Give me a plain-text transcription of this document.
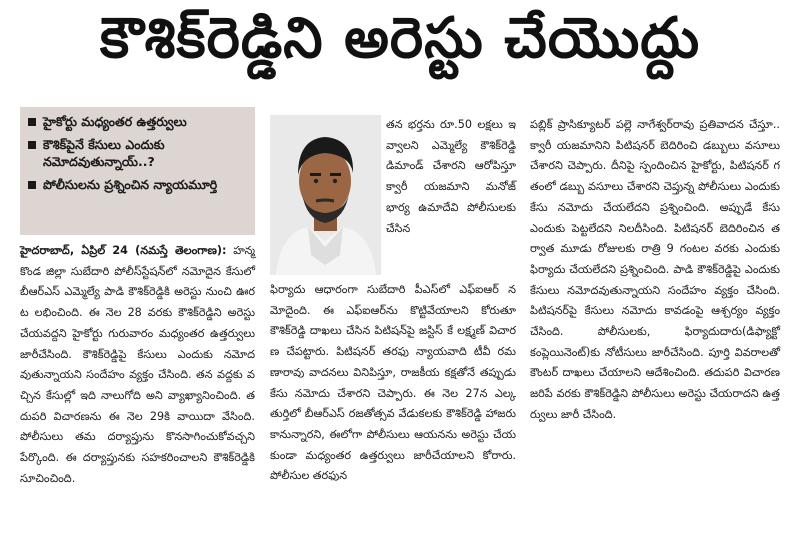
కౌశిక్‌రెడ్డిని అరెస్టు చేయొద్దు
హైకోర్టు మధ్యంతర ఉత్తర్వులు
కౌశిక్‌పైనే కేసులు ఎందుకు నమోదవుతున్నాయ్‌..?
పోలీసులను ప్రశ్నించిన న్యాయమూర్తి
హైదరాబాద్‌, ఏప్రిల్‌ 24 (నమస్తే తెలంగాణ): హన్మకొండ జిల్లా సుబేదారి పోలీస్‌స్టేషన్‌లో నమోదైన కేసులో బీఆర్‌ఎస్‌ ఎమ్మెల్యే పాడి కౌశిక్‌రెడ్డికి అరెస్టు నుంచి ఊరట లభించింది. ఈ నెల 28 వరకు కౌశిక్‌రెడ్డిని అరెస్టు చేయవద్దని హైకోర్టు గురువారం మధ్యంతర ఉత్తర్వులు జారీచేసింది. కౌశిక్‌రెడ్డిపై కేసులు ఎందుకు నమోదవుతున్నాయని సందేహం వ్యక్తం చేసింది. తన వద్దకు వచ్చిన కేసుల్లో ఇది నాలుగోది అని వ్యాఖ్యానించింది. తదుపరి విచారణను ఈ నెల 29కి వాయిదా వేసింది. పోలీసులు తమ దర్యాప్తును కొనసాగించుకోవచ్చని పేర్కొంది. ఈ దర్యాప్తునకు సహకరించాలని కౌశిక్‌రెడ్డికి సూచించింది.
తన భర్తను రూ.50 లక్షలు ఇవ్వాలని ఎమ్మెల్యే కౌశిక్‌రెడ్డి డిమాండ్‌ చేశారని ఆరోపిస్తూ క్వారీ యజమాని మనోజ్‌ భార్య ఉమాదేవి పోలీసులకు చేసిన
ఫిర్యాదు ఆధారంగా సుబేదారి పీఎస్‌లో ఎఫ్‌ఐఆర్‌ నమోదైంది. ఈ ఎఫ్‌ఐఆర్‌ను కొట్టివేయాలని కోరుతూ కౌశిక్‌రెడ్డి దాఖలు చేసిన పిటిషన్‌పై జస్టిస్‌ కే లక్ష్మణ్‌ విచారణ చేపట్టారు. పిటిషనర్‌ తరఫు న్యాయవాది టీవీ రమణారావు వాదనలు వినిపిస్తూ, రాజకీయ కక్షతోనే తప్పుడు కేసు నమోదు చేశారని చెప్పారు. ఈ నెల 27న ఎల్కతుర్తిలో బీఆర్‌ఎస్‌ రజతోత్సవ వేడుకలకు కౌశిక్‌రెడ్డి హాజరు కానున్నారని, ఈలోగా పోలీసులు ఆయనను అరెస్టు చేయకుండా మధ్యంతర ఉత్తర్వులు జారీచేయాలని కోరారు. పోలీసుల తరఫున
పబ్లిక్‌ ప్రాసిక్యూటర్‌ పల్లె నాగేశ్వర్‌రావు ప్రతివాదన చేస్తూ.. క్వారీ యజమానిని పిటిషనర్‌ బెదిరించి డబ్బులు వసూలు చేశారని చెప్పారు. దీనిపై స్పందించిన హైకోర్టు, పిటిషనర్‌ గతంలో డబ్బు వసూలు చేశారని చెప్తున్న పోలీసులు ఎందుకు కేసు నమోదు చేయలేదని ప్రశ్నించింది. అప్పుడే కేసు ఎందుకు పెట్టలేదని నిలదీసింది. పిటిషనర్‌ బెదిరించిన తర్వాత మూడు రోజులకు రాత్రి 9 గంటల వరకు ఎందుకు ఫిర్యాదు చేయలేదని ప్రశ్నించింది. పాడి కౌశిక్‌రెడ్డిపై ఎందుకు కేసులు నమోదవుతున్నాయని సందేహం వ్యక్తం చేసింది. పిటిషనర్‌పై కేసులు నమోదు కావడంపై ఆశ్చర్యం వ్యక్తం చేసింది. పోలీసులకు, ఫిర్యాదుదారు(డిఫ్యాక్టో కంప్లెయినెంట్‌)కు నోటీసులు జారీచేసింది. పూర్తి వివరాలతో కౌంటర్‌ దాఖలు చేయాలని ఆదేశించింది. తదుపరి విచారణ జరిపే వరకు కౌశిక్‌రెడ్డిని పోలీసులు అరెస్టు చేయరాదని ఉత్తర్వులు జారీ చేసింది.
